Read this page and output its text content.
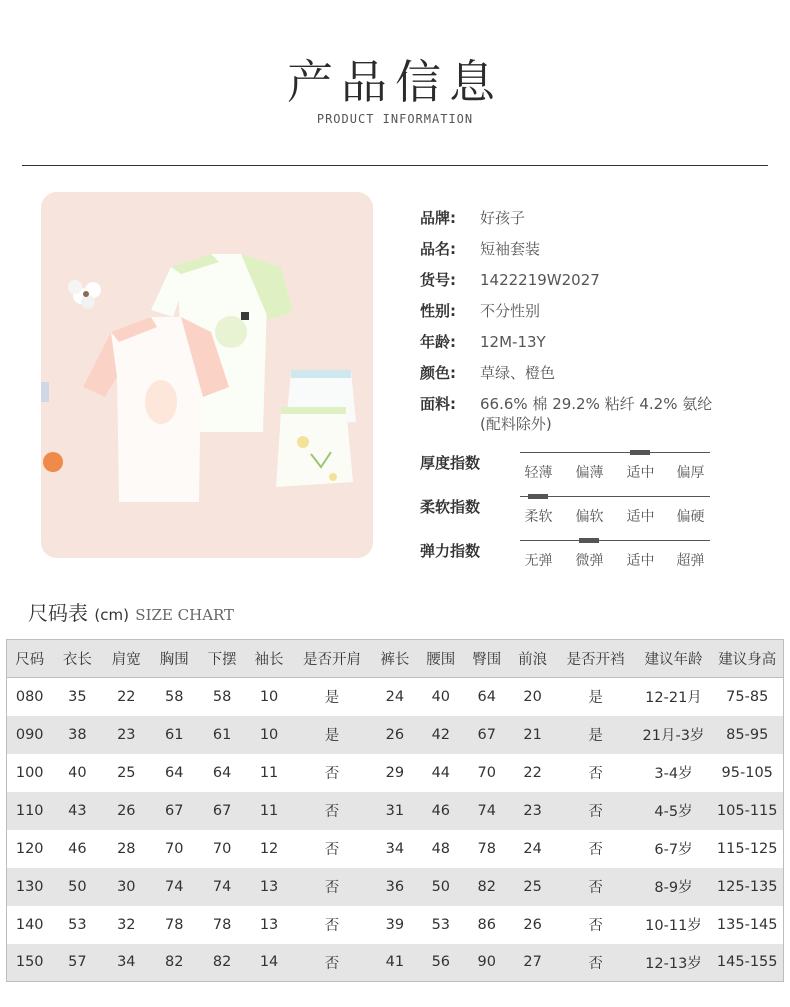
产品信息
PRODUCT INFORMATION
品牌: 好孩子
品名: 短袖套装
货号: 1422219W2027
性别: 不分性别
年龄: 12M-13Y
颜色: 草绿、橙色
面料: 66.6% 棉 29.2% 粘纤 4.2% 氨纶
(配料除外)
厚度指数
轻薄	偏薄	适中	偏厚
柔软指数
柔软	偏软	适中	偏硬
弹力指数
无弹	微弹	适中	超弹
尺码表 (cm) SIZE CHART
尺码	衣长	肩宽	胸围	下摆	袖长	是否开肩	裤长	腰围	臀围	前浪	是否开裆	建议年龄	建议身高
080	35	22	58	58	10	是	24	40	64	20	是	12-21月	75-85
090	38	23	61	61	10	是	26	42	67	21	是	21月-3岁	85-95
100	40	25	64	64	11	否	29	44	70	22	否	3-4岁	95-105
110	43	26	67	67	11	否	31	46	74	23	否	4-5岁	105-115
120	46	28	70	70	12	否	34	48	78	24	否	6-7岁	115-125
130	50	30	74	74	13	否	36	50	82	25	否	8-9岁	125-135
140	53	32	78	78	13	否	39	53	86	26	否	10-11岁	135-145
150	57	34	82	82	14	否	41	56	90	27	否	12-13岁	145-155
